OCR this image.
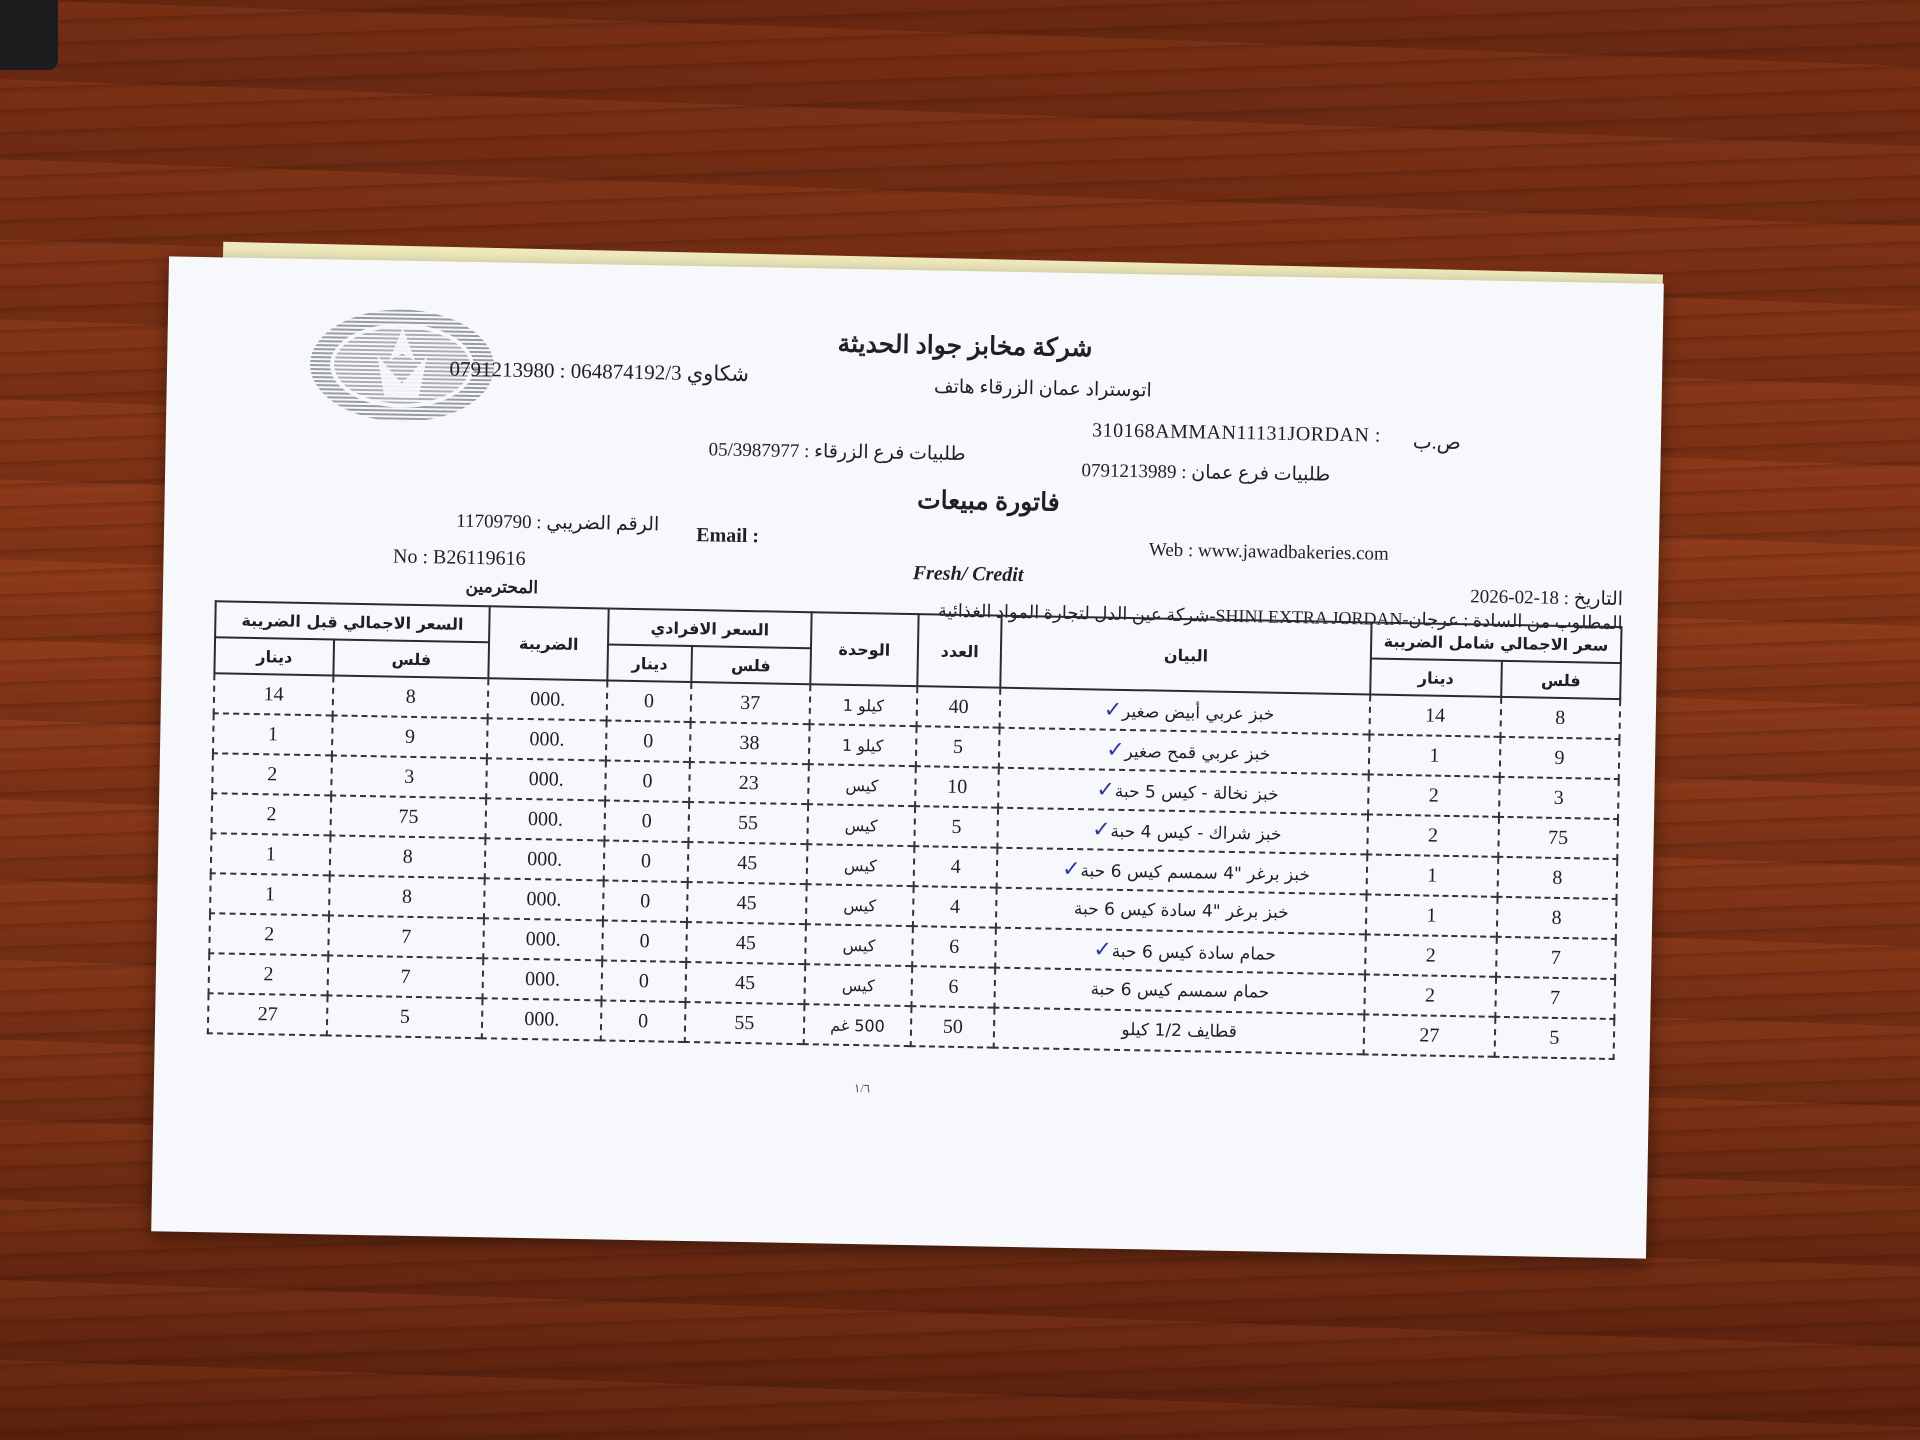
شركة مخابز جواد الحديثة
اتوستراد عمان الزرقاء هاتف
0791213980 : 064874192/3 شكاوي
ص.ب
310168AMMAN11131JORDAN :
طلبيات فرع عمان : 0791213989
طلبيات فرع الزرقاء : 05/3987977
فاتورة مبيعات
الرقم الضريبي : 11709790
Email :
Web : www.jawadbakeries.com
No : B26119616
Fresh/ Credit
التاريخ : 18-02-2026
المحترمين
المطلوب من السادة : عرجان-SHINI EXTRA JORDAN-شركة عين الدل لتجارة المواد الغذائية
سعر الاجمالي شامل الضريبة		البيان	العدد	الوحدة	السعر الافرادي		الضريبة	السعر الاجمالي قبل الضريبة	
فلس	دينار				فلس	دينار		فلس	دينار
8	14	خبز عربي أبيض صغير✓	40	كيلو 1	37	0	.000	8	14
9	1	خبز عربي قمح صغير✓	5	كيلو 1	38	0	.000	9	1
3	2	خبز نخالة - كيس 5 حبة✓	10	كيس	23	0	.000	3	2
75	2	خبز شراك - كيس 4 حبة✓	5	كيس	55	0	.000	75	2
8	1	خبز برغر "4 سمسم كيس 6 حبة✓	4	كيس	45	0	.000	8	1
8	1	خبز برغر "4 سادة كيس 6 حبة	4	كيس	45	0	.000	8	1
7	2	حمام سادة كيس 6 حبة✓	6	كيس	45	0	.000	7	2
7	2	حمام سمسم كيس 6 حبة	6	كيس	45	0	.000	7	2
5	27	قطايف 1/2 كيلو	50	500 غم	55	0	.000	5	27
١/٦
